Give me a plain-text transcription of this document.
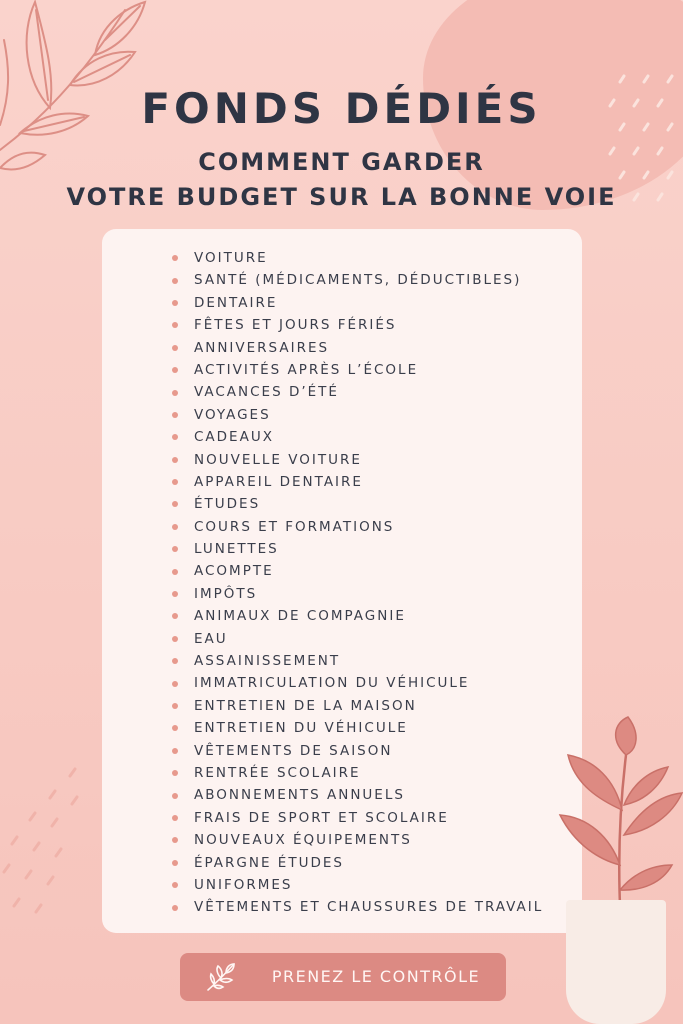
FONDS DÉDIÉS
COMMENT GARDER
VOTRE BUDGET SUR LA BONNE VOIE
VOITURE
SANTÉ (MÉDICAMENTS, DÉDUCTIBLES)
DENTAIRE
FÊTES ET JOURS FÉRIÉS
ANNIVERSAIRES
ACTIVITÉS APRÈS L’ÉCOLE
VACANCES D’ÉTÉ
VOYAGES
CADEAUX
NOUVELLE VOITURE
APPAREIL DENTAIRE
ÉTUDES
COURS ET FORMATIONS
LUNETTES
ACOMPTE
IMPÔTS
ANIMAUX DE COMPAGNIE
EAU
ASSAINISSEMENT
IMMATRICULATION DU VÉHICULE
ENTRETIEN DE LA MAISON
ENTRETIEN DU VÉHICULE
VÊTEMENTS DE SAISON
RENTRÉE SCOLAIRE
ABONNEMENTS ANNUELS
FRAIS DE SPORT ET SCOLAIRE
NOUVEAUX ÉQUIPEMENTS
ÉPARGNE ÉTUDES
UNIFORMES
VÊTEMENTS ET CHAUSSURES DE TRAVAIL
PRENEZ LE CONTRÔLE
